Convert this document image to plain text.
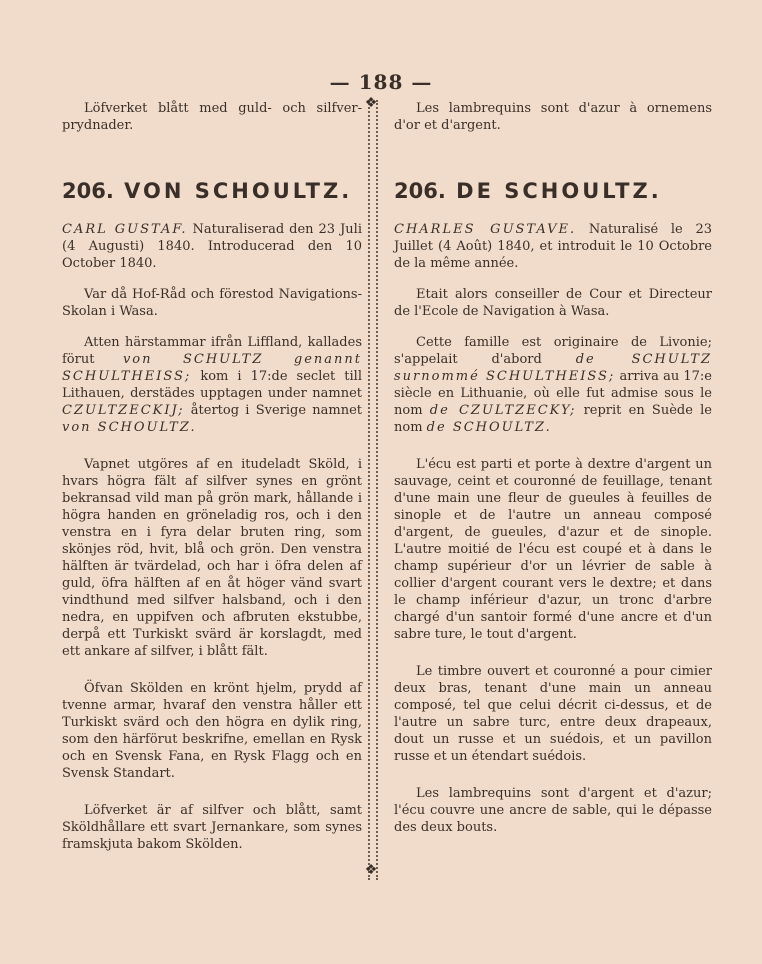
— 188 —
❖
❖

Löfverket blått med guld- och silfver-prydnader.

206. VON SCHOULTZ.

CARL GUSTAF. Naturaliserad den 23 Juli (4 Augusti) 1840. Introducerad den 10 October 1840.

Var då Hof-Råd och förestod Navigations-Skolan i Wasa.

Atten härstammar ifrån Liffland, kallades förut von SCHULTZ genannt SCHULTHEISS; kom i 17:de seclet till Lithauen, derstädes upptagen under namnet CZULTZECKIJ; återtog i Sverige namnet von SCHOULTZ.

Vapnet utgöres af en itudeladt Sköld, i hvars högra fält af silfver synes en grönt bekransad vild man på grön mark, hållande i högra handen en gröneladig ros, och i den venstra en i fyra delar bruten ring, som skönjes röd, hvit, blå och grön. Den venstra hälften är tvärdelad, och har i öfra delen af guld, öfra hälften af en åt höger vänd svart vindthund med silfver halsband, och i den nedra, en uppifven och afbruten ekstubbe, derpå ett Turkiskt svärd är korslagdt, med ett ankare af silfver, i blått fält.

Öfvan Skölden en krönt hjelm, prydd af tvenne armar, hvaraf den venstra håller ett Turkiskt svärd och den högra en dylik ring, som den härförut beskrifne, emellan en Rysk och en Svensk Fana, en Rysk Flagg och en Svensk Standart.

Löfverket är af silfver och blått, samt Sköldhållare ett svart Jernankare, som synes framskjuta bakom Skölden.

Les lambrequins sont d'azur à ornemens d'or et d'argent.

206. DE SCHOULTZ.

CHARLES GUSTAVE. Naturalisé le 23 Juillet (4 Août) 1840, et introduit le 10 Octobre de la même année.

Etait alors conseiller de Cour et Directeur de l'Ecole de Navigation à Wasa.

Cette famille est originaire de Livonie; s'appelait d'abord de SCHULTZ surnommé SCHULTHEISS; arriva au 17:e siècle en Lithuanie, où elle fut admise sous le nom de CZULTZECKY; reprit en Suède le nom de SCHOULTZ.

L'écu est parti et porte à dextre d'argent un sauvage, ceint et couronné de feuillage, tenant d'une main une fleur de gueules à feuilles de sinople et de l'autre un anneau composé d'argent, de gueules, d'azur et de sinople. L'autre moitié de l'écu est coupé et à dans le champ supérieur d'or un lévrier de sable à collier d'argent courant vers le dextre; et dans le champ inférieur d'azur, un tronc d'arbre chargé d'un santoir formé d'une ancre et d'un sabre ture, le tout d'argent.

Le timbre ouvert et couronné a pour cimier deux bras, tenant d'une main un anneau composé, tel que celui décrit ci-dessus, et de l'autre un sabre turc, entre deux drapeaux, dout un russe et un suédois, et un pavillon russe et un étendart suédois.

Les lambrequins sont d'argent et d'azur; l'écu couvre une ancre de sable, qui le dépasse des deux bouts.
